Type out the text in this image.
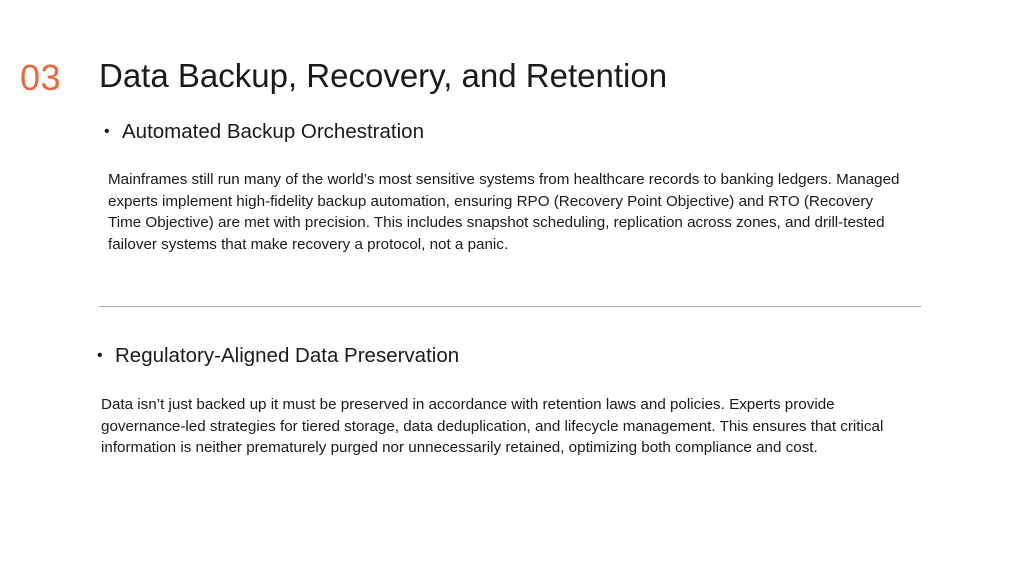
03 Data Backup, Recovery, and Retention
• Automated Backup Orchestration

Mainframes still run many of the world’s most sensitive systems from healthcare records to banking ledgers. Managed experts implement high-fidelity backup automation, ensuring RPO (Recovery Point Objective) and RTO (Recovery Time Objective) are met with precision. This includes snapshot scheduling, replication across zones, and drill-tested failover systems that make recovery a protocol, not a panic.

• Regulatory-Aligned Data Preservation

Data isn’t just backed up it must be preserved in accordance with retention laws and policies. Experts provide governance-led strategies for tiered storage, data deduplication, and lifecycle management. This ensures that critical information is neither prematurely purged nor unnecessarily retained, optimizing both compliance and cost.
